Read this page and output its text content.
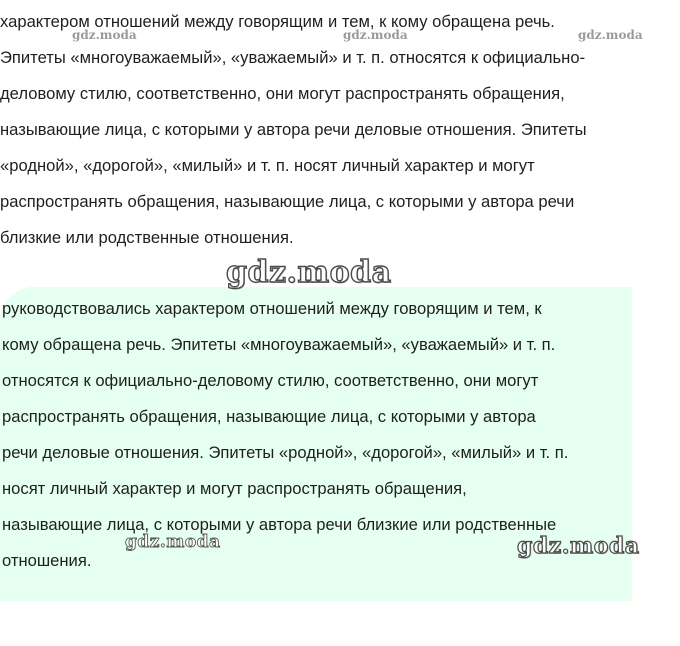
характером отношений между говорящим и тем, к кому обращена речь.
Эпитеты «многоуважаемый», «уважаемый» и т. п. относятся к официально-
деловому стилю, соответственно, они могут распространять обращения,
называющие лица, с которыми у автора речи деловые отношения. Эпитеты
«родной», «дорогой», «милый» и т. п. носят личный характер и могут
распространять обращения, называющие лица, с которыми у автора речи
близкие или родственные отношения.

руководствовались характером отношений между говорящим и тем, к
кому обращена речь. Эпитеты «многоуважаемый», «уважаемый» и т. п.
относятся к официально-деловому стилю, соответственно, они могут
распространять обращения, называющие лица, с которыми у автора
речи деловые отношения. Эпитеты «родной», «дорогой», «милый» и т. п.
носят личный характер и могут распространять обращения,
называющие лица, с которыми у автора речи близкие или родственные
отношения.

gdz.moda	gdz.moda	gdz.moda
gdz.moda
gdz.moda	gdz.moda
